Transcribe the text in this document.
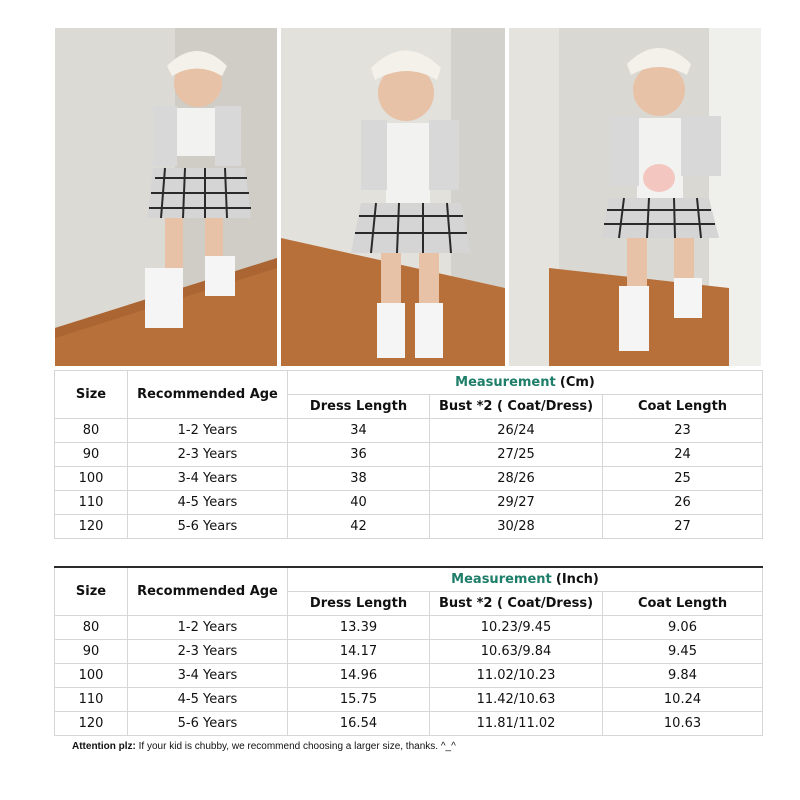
Size	Recommended Age	Measurement (Cm)		
		Dress Length	Bust *2 ( Coat/Dress)	Coat Length
80	1-2 Years	34	26/24	23
90	2-3 Years	36	27/25	24
100	3-4 Years	38	28/26	25
110	4-5 Years	40	29/27	26
120	5-6 Years	42	30/28	27
Size	Recommended Age	Measurement (Inch)		
		Dress Length	Bust *2 ( Coat/Dress)	Coat Length
80	1-2 Years	13.39	10.23/9.45	9.06
90	2-3 Years	14.17	10.63/9.84	9.45
100	3-4 Years	14.96	11.02/10.23	9.84
110	4-5 Years	15.75	11.42/10.63	10.24
120	5-6 Years	16.54	11.81/11.02	10.63
Attention plz: If your kid is chubby, we recommend choosing a larger size, thanks. ^_^
